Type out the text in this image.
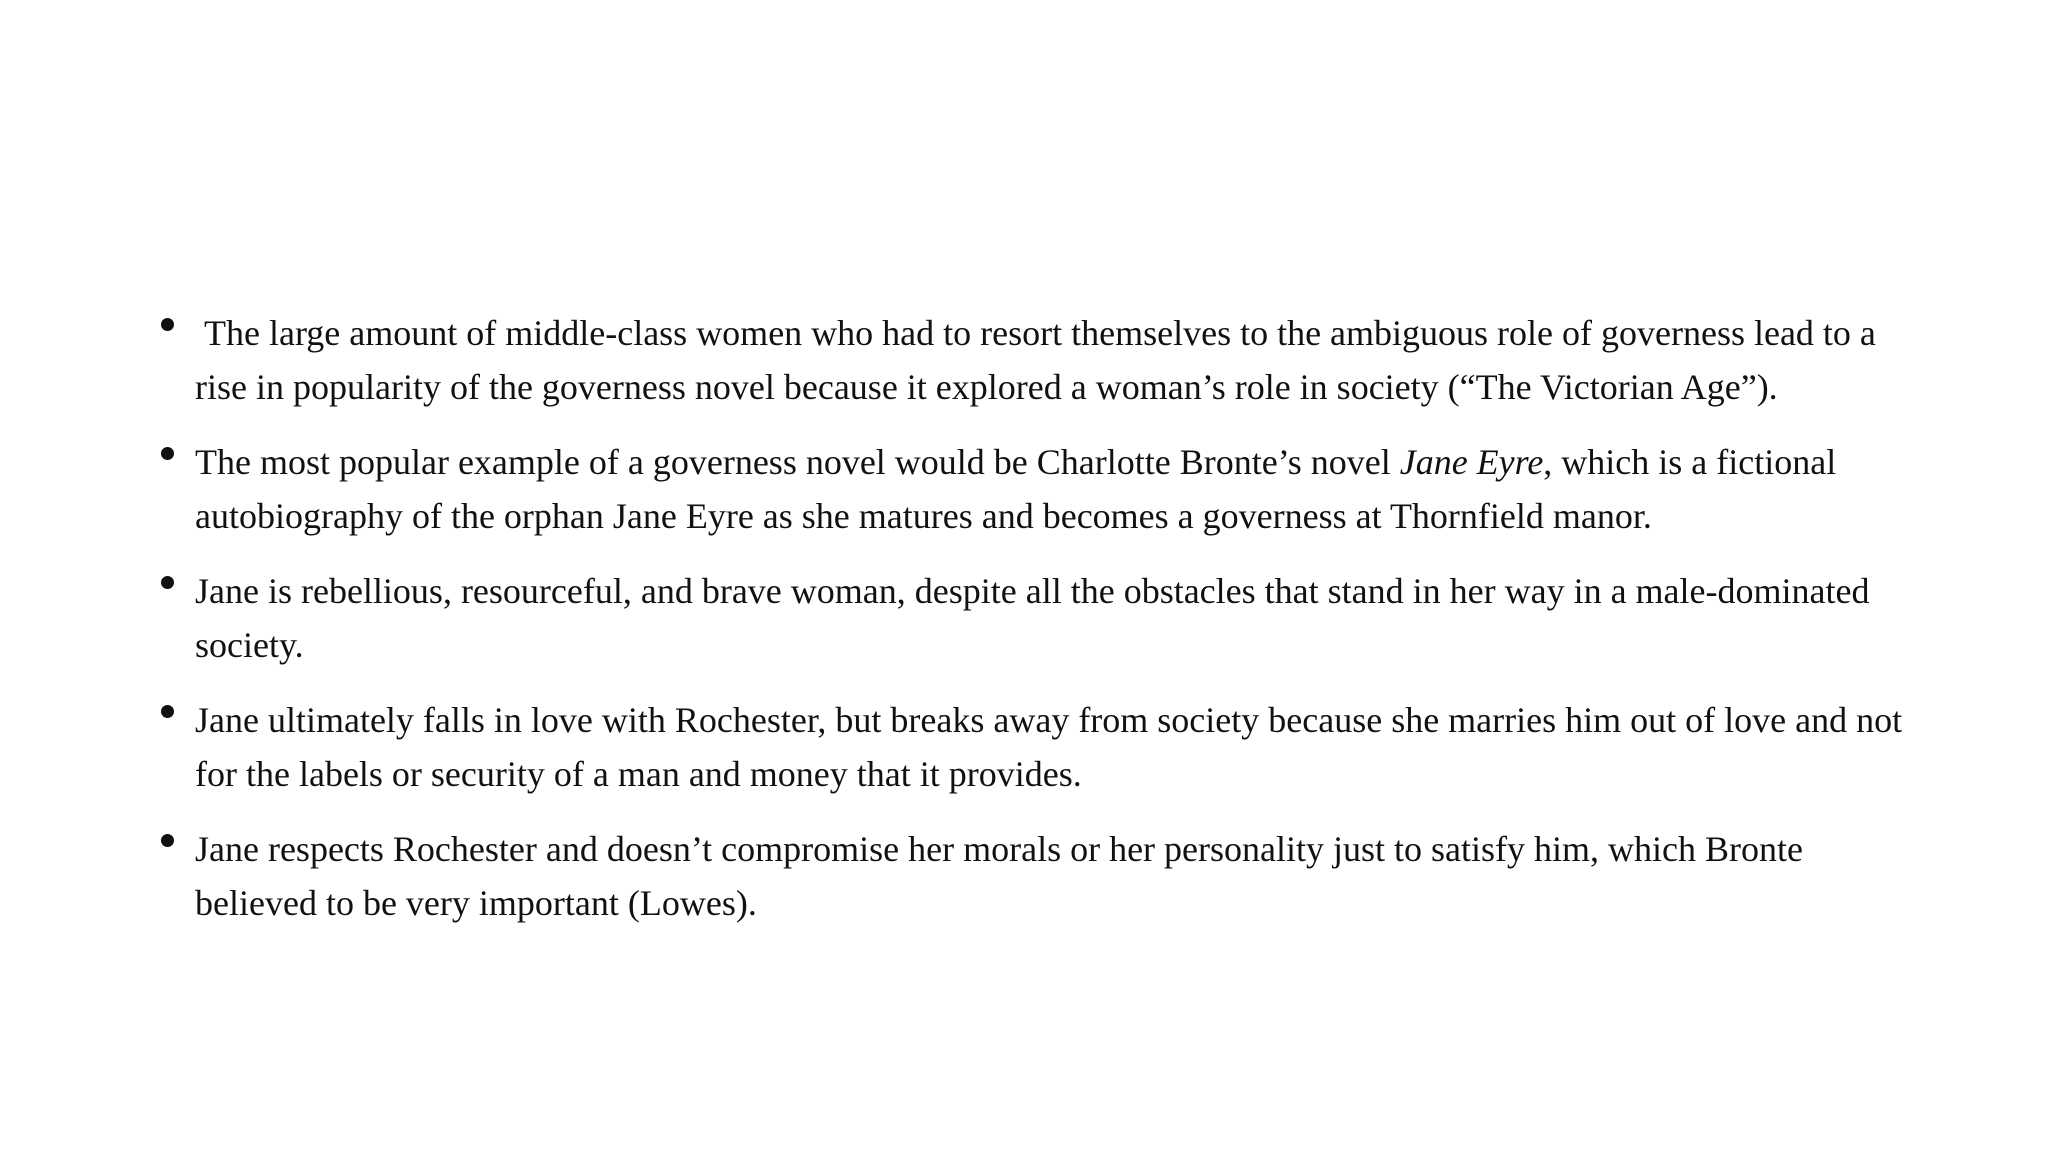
The large amount of middle-class women who had to resort themselves to the ambiguous role of governess lead to a rise in popularity of the governess novel because it explored a woman’s role in society (“The Victorian Age”).
The most popular example of a governess novel would be Charlotte Bronte’s novel Jane Eyre, which is a fictional autobiography of the orphan Jane Eyre as she matures and becomes a governess at Thornfield manor.
Jane is rebellious, resourceful, and brave woman, despite all the obstacles that stand in her way in a male-dominated society.
Jane ultimately falls in love with Rochester, but breaks away from society because she marries him out of love and not for the labels or security of a man and money that it provides.
Jane respects Rochester and doesn’t compromise her morals or her personality just to satisfy him, which Bronte believed to be very important (Lowes).
